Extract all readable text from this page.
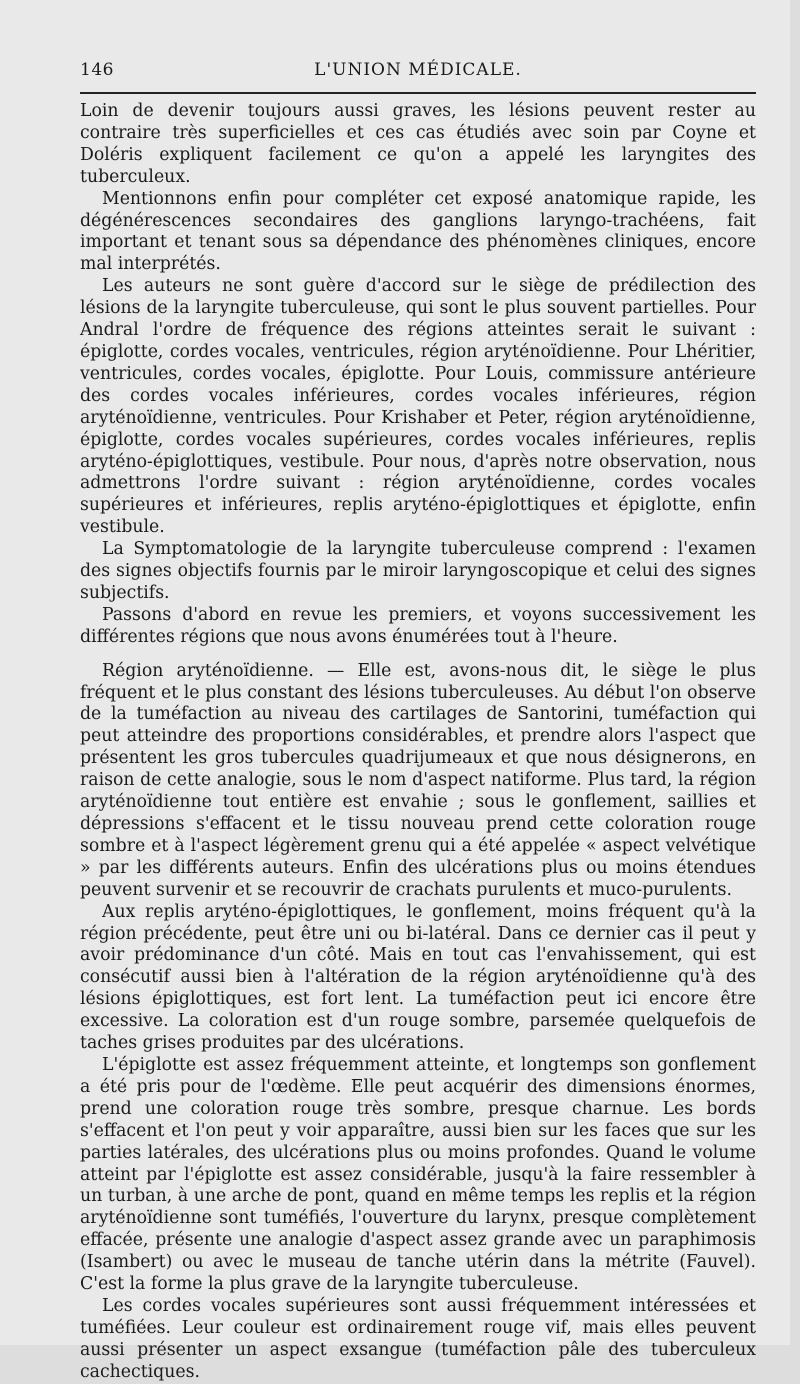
146	L'UNION MÉDICALE.

Loin de devenir toujours aussi graves, les lésions peuvent rester au contraire très superficielles et ces cas étudiés avec soin par Coyne et Doléris expliquent facilement ce qu'on a appelé les laryngites des tuberculeux.

Mentionnons enfin pour compléter cet exposé anatomique rapide, les dégénérescences secondaires des ganglions laryngo-trachéens, fait important et tenant sous sa dépendance des phénomènes cliniques, encore mal interprétés.

Les auteurs ne sont guère d'accord sur le siège de prédilection des lésions de la laryngite tuberculeuse, qui sont le plus souvent partielles. Pour Andral l'ordre de fréquence des régions atteintes serait le suivant : épiglotte, cordes vocales, ventricules, région aryténoïdienne. Pour Lhéritier, ventricules, cordes vocales, épiglotte. Pour Louis, commissure antérieure des cordes vocales inférieures, cordes vocales inférieures, région aryténoïdienne, ventricules. Pour Krishaber et Peter, région aryténoïdienne, épiglotte, cordes vocales supérieures, cordes vocales inférieures, replis aryténo-épiglottiques, vestibule. Pour nous, d'après notre observation, nous admettrons l'ordre suivant : région aryténoïdienne, cordes vocales supérieures et inférieures, replis aryténo-épiglottiques et épiglotte, enfin vestibule.

La Symptomatologie de la laryngite tuberculeuse comprend : l'examen des signes objectifs fournis par le miroir laryngoscopique et celui des signes subjectifs.

Passons d'abord en revue les premiers, et voyons successivement les différentes régions que nous avons énumérées tout à l'heure.

Région aryténoïdienne. — Elle est, avons-nous dit, le siège le plus fréquent et le plus constant des lésions tuberculeuses. Au début l'on observe de la tuméfaction au niveau des cartilages de Santorini, tuméfaction qui peut atteindre des proportions considérables, et prendre alors l'aspect que présentent les gros tubercules quadrijumeaux et que nous désignerons, en raison de cette analogie, sous le nom d'aspect natiforme. Plus tard, la région aryténoïdienne tout entière est envahie ; sous le gonflement, saillies et dépressions s'effacent et le tissu nouveau prend cette coloration rouge sombre et à l'aspect légèrement grenu qui a été appelée « aspect velvétique » par les différents auteurs. Enfin des ulcérations plus ou moins étendues peuvent survenir et se recouvrir de crachats purulents et muco-purulents.

Aux replis aryténo-épiglottiques, le gonflement, moins fréquent qu'à la région précédente, peut être uni ou bi-latéral. Dans ce dernier cas il peut y avoir prédominance d'un côté. Mais en tout cas l'envahissement, qui est consécutif aussi bien à l'altération de la région aryténoïdienne qu'à des lésions épiglottiques, est fort lent. La tuméfaction peut ici encore être excessive. La coloration est d'un rouge sombre, parsemée quelquefois de taches grises produites par des ulcérations.

L'épiglotte est assez fréquemment atteinte, et longtemps son gonflement a été pris pour de l'œdème. Elle peut acquérir des dimensions énormes, prend une coloration rouge très sombre, presque charnue. Les bords s'effacent et l'on peut y voir apparaître, aussi bien sur les faces que sur les parties latérales, des ulcérations plus ou moins profondes. Quand le volume atteint par l'épiglotte est assez considérable, jusqu'à la faire ressembler à un turban, à une arche de pont, quand en même temps les replis et la région aryténoïdienne sont tuméfiés, l'ouverture du larynx, presque complètement effacée, présente une analogie d'aspect assez grande avec un paraphimosis (Isambert) ou avec le museau de tanche utérin dans la métrite (Fauvel). C'est la forme la plus grave de la laryngite tuberculeuse.

Les cordes vocales supérieures sont aussi fréquemment intéressées et tuméfiées. Leur couleur est ordinairement rouge vif, mais elles peuvent aussi présenter un aspect exsangue (tuméfaction pâle des tuberculeux cachectiques.
